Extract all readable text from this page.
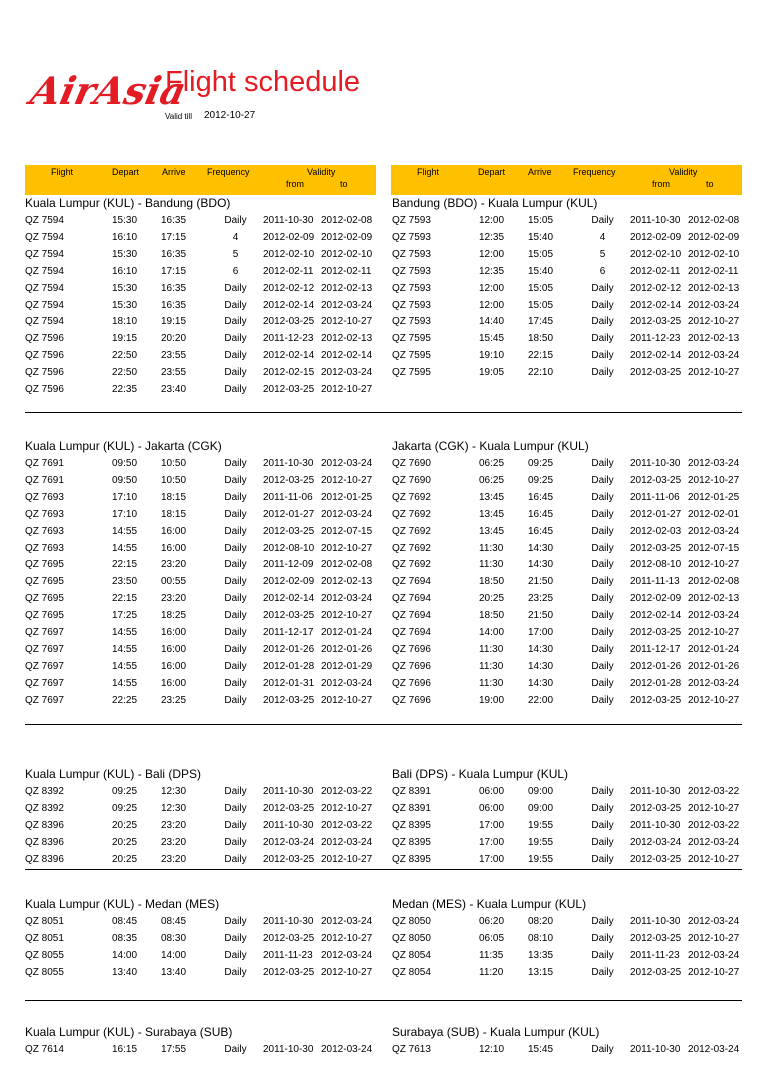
AirAsia
Flight schedule
Valid till 2012-10-27
Flight	Depart	Arrive Frequency	Validity
from	to
Flight	Depart	Arrive Frequency	Validity
from	to
Kuala Lumpur (KUL) - Bandung (BDO)
QZ 7594	15:30 16:35	Daily	2011-10-30 2012-02-08
QZ 7594	16:10 17:15	4	2012-02-09 2012-02-09
QZ 7594	15:30 16:35	5	2012-02-10 2012-02-10
QZ 7594	16:10 17:15	6	2012-02-11 2012-02-11
QZ 7594	15:30 16:35	Daily	2012-02-12 2012-02-13
QZ 7594	15:30 16:35	Daily	2012-02-14 2012-03-24
QZ 7594	18:10 19:15	Daily	2012-03-25 2012-10-27
QZ 7596	19:15 20:20	Daily	2011-12-23 2012-02-13
QZ 7596	22:50 23:55	Daily	2012-02-14 2012-02-14
QZ 7596	22:50 23:55	Daily	2012-02-15 2012-03-24
QZ 7596	22:35 23:40	Daily	2012-03-25 2012-10-27
Bandung (BDO) - Kuala Lumpur (KUL)
QZ 7593	12:00 15:05	Daily	2011-10-30 2012-02-08
QZ 7593	12:35 15:40	4	2012-02-09 2012-02-09
QZ 7593	12:00 15:05	5	2012-02-10 2012-02-10
QZ 7593	12:35 15:40	6	2012-02-11 2012-02-11
QZ 7593	12:00 15:05	Daily	2012-02-12 2012-02-13
QZ 7593	12:00 15:05	Daily	2012-02-14 2012-03-24
QZ 7593	14:40 17:45	Daily	2012-03-25 2012-10-27
QZ 7595	15:45 18:50	Daily	2011-12-23 2012-02-13
QZ 7595	19:10 22:15	Daily	2012-02-14 2012-03-24
QZ 7595	19:05 22:10	Daily	2012-03-25 2012-10-27
Kuala Lumpur (KUL) - Jakarta (CGK)
QZ 7691	09:50 10:50	Daily	2011-10-30 2012-03-24
QZ 7691	09:50 10:50	Daily	2012-03-25 2012-10-27
QZ 7693	17:10 18:15	Daily	2011-11-06 2012-01-25
QZ 7693	17:10 18:15	Daily	2012-01-27 2012-03-24
QZ 7693	14:55 16:00	Daily	2012-03-25 2012-07-15
QZ 7693	14:55 16:00	Daily	2012-08-10 2012-10-27
QZ 7695	22:15 23:20	Daily	2011-12-09 2012-02-08
QZ 7695	23:50 00:55	Daily	2012-02-09 2012-02-13
QZ 7695	22:15 23:20	Daily	2012-02-14 2012-03-24
QZ 7695	17:25 18:25	Daily	2012-03-25 2012-10-27
QZ 7697	14:55 16:00	Daily	2011-12-17 2012-01-24
QZ 7697	14:55 16:00	Daily	2012-01-26 2012-01-26
QZ 7697	14:55 16:00	Daily	2012-01-28 2012-01-29
QZ 7697	14:55 16:00	Daily	2012-01-31 2012-03-24
QZ 7697	22:25 23:25	Daily	2012-03-25 2012-10-27
Jakarta (CGK) - Kuala Lumpur (KUL)
QZ 7690	06:25 09:25	Daily	2011-10-30 2012-03-24
QZ 7690	06:25 09:25	Daily	2012-03-25 2012-10-27
QZ 7692	13:45 16:45	Daily	2011-11-06 2012-01-25
QZ 7692	13:45 16:45	Daily	2012-01-27 2012-02-01
QZ 7692	13:45 16:45	Daily	2012-02-03 2012-03-24
QZ 7692	11:30 14:30	Daily	2012-03-25 2012-07-15
QZ 7692	11:30 14:30	Daily	2012-08-10 2012-10-27
QZ 7694	18:50 21:50	Daily	2011-11-13 2012-02-08
QZ 7694	20:25 23:25	Daily	2012-02-09 2012-02-13
QZ 7694	18:50 21:50	Daily	2012-02-14 2012-03-24
QZ 7694	14:00 17:00	Daily	2012-03-25 2012-10-27
QZ 7696	11:30 14:30	Daily	2011-12-17 2012-01-24
QZ 7696	11:30 14:30	Daily	2012-01-26 2012-01-26
QZ 7696	11:30 14:30	Daily	2012-01-28 2012-03-24
QZ 7696	19:00 22:00	Daily	2012-03-25 2012-10-27
Kuala Lumpur (KUL) - Bali (DPS)
QZ 8392	09:25 12:30	Daily	2011-10-30 2012-03-22
QZ 8392	09:25 12:30	Daily	2012-03-25 2012-10-27
QZ 8396	20:25 23:20	Daily	2011-10-30 2012-03-22
QZ 8396	20:25 23:20	Daily	2012-03-24 2012-03-24
QZ 8396	20:25 23:20	Daily	2012-03-25 2012-10-27
Bali (DPS) - Kuala Lumpur (KUL)
QZ 8391	06:00 09:00	Daily	2011-10-30 2012-03-22
QZ 8391	06:00 09:00	Daily	2012-03-25 2012-10-27
QZ 8395	17:00 19:55	Daily	2011-10-30 2012-03-22
QZ 8395	17:00 19:55	Daily	2012-03-24 2012-03-24
QZ 8395	17:00 19:55	Daily	2012-03-25 2012-10-27
Kuala Lumpur (KUL) - Medan (MES)
QZ 8051	08:45 08:45	Daily	2011-10-30 2012-03-24
QZ 8051	08:35 08:30	Daily	2012-03-25 2012-10-27
QZ 8055	14:00 14:00	Daily	2011-11-23 2012-03-24
QZ 8055	13:40 13:40	Daily	2012-03-25 2012-10-27
Medan (MES) - Kuala Lumpur (KUL)
QZ 8050	06:20 08:20	Daily	2011-10-30 2012-03-24
QZ 8050	06:05 08:10	Daily	2012-03-25 2012-10-27
QZ 8054	11:35 13:35	Daily	2011-11-23 2012-03-24
QZ 8054	11:20 13:15	Daily	2012-03-25 2012-10-27
Kuala Lumpur (KUL) - Surabaya (SUB)
QZ 7614	16:15 17:55	Daily	2011-10-30 2012-03-24
Surabaya (SUB) - Kuala Lumpur (KUL)
QZ 7613	12:10 15:45	Daily	2011-10-30 2012-03-24
